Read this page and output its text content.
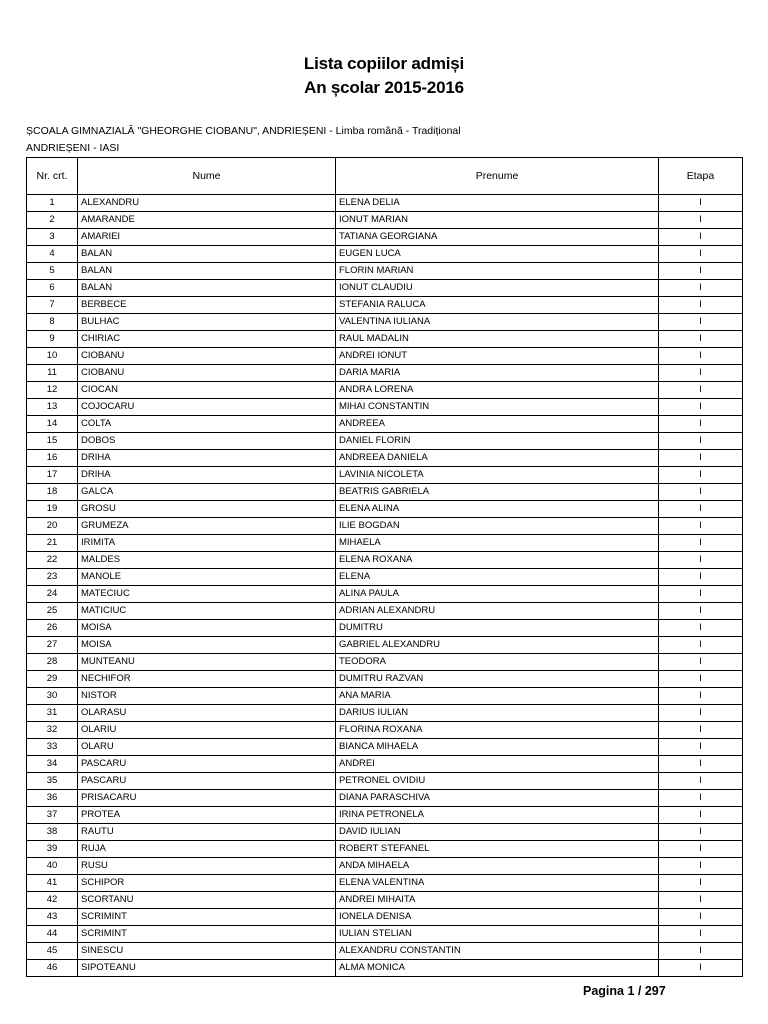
Lista copiilor admiși
An școlar 2015-2016
ȘCOALA GIMNAZIALĂ "GHEORGHE CIOBANU", ANDRIEȘENI - Limba română - Tradițional
ANDRIEȘENI - IASI
Nr. crt.	Nume	Prenume	Etapa
1	ALEXANDRU	ELENA DELIA	I
2	AMARANDE	IONUT MARIAN	I
3	AMARIEI	TATIANA GEORGIANA	I
4	BALAN	EUGEN LUCA	I
5	BALAN	FLORIN MARIAN	I
6	BALAN	IONUT CLAUDIU	I
7	BERBECE	STEFANIA RALUCA	I
8	BULHAC	VALENTINA IULIANA	I
9	CHIRIAC	RAUL MADALIN	I
10	CIOBANU	ANDREI IONUT	I
11	CIOBANU	DARIA MARIA	I
12	CIOCAN	ANDRA LORENA	I
13	COJOCARU	MIHAI CONSTANTIN	I
14	COLTA	ANDREEA	I
15	DOBOS	DANIEL FLORIN	I
16	DRIHA	ANDREEA DANIELA	I
17	DRIHA	LAVINIA NICOLETA	I
18	GALCA	BEATRIS GABRIELA	I
19	GROSU	ELENA ALINA	I
20	GRUMEZA	ILIE BOGDAN	I
21	IRIMITA	MIHAELA	I
22	MALDES	ELENA ROXANA	I
23	MANOLE	ELENA	I
24	MATECIUC	ALINA PAULA	I
25	MATICIUC	ADRIAN ALEXANDRU	I
26	MOISA	DUMITRU	I
27	MOISA	GABRIEL ALEXANDRU	I
28	MUNTEANU	TEODORA	I
29	NECHIFOR	DUMITRU RAZVAN	I
30	NISTOR	ANA MARIA	I
31	OLARASU	DARIUS IULIAN	I
32	OLARIU	FLORINA ROXANA	I
33	OLARU	BIANCA MIHAELA	I
34	PASCARU	ANDREI	I
35	PASCARU	PETRONEL OVIDIU	I
36	PRISACARU	DIANA PARASCHIVA	I
37	PROTEA	IRINA PETRONELA	I
38	RAUTU	DAVID IULIAN	I
39	RUJA	ROBERT STEFANEL	I
40	RUSU	ANDA MIHAELA	I
41	SCHIPOR	ELENA VALENTINA	I
42	SCORTANU	ANDREI MIHAITA	I
43	SCRIMINT	IONELA DENISA	I
44	SCRIMINT	IULIAN STELIAN	I
45	SINESCU	ALEXANDRU CONSTANTIN	I
46	SIPOTEANU	ALMA MONICA	I
Pagina 1 / 297
